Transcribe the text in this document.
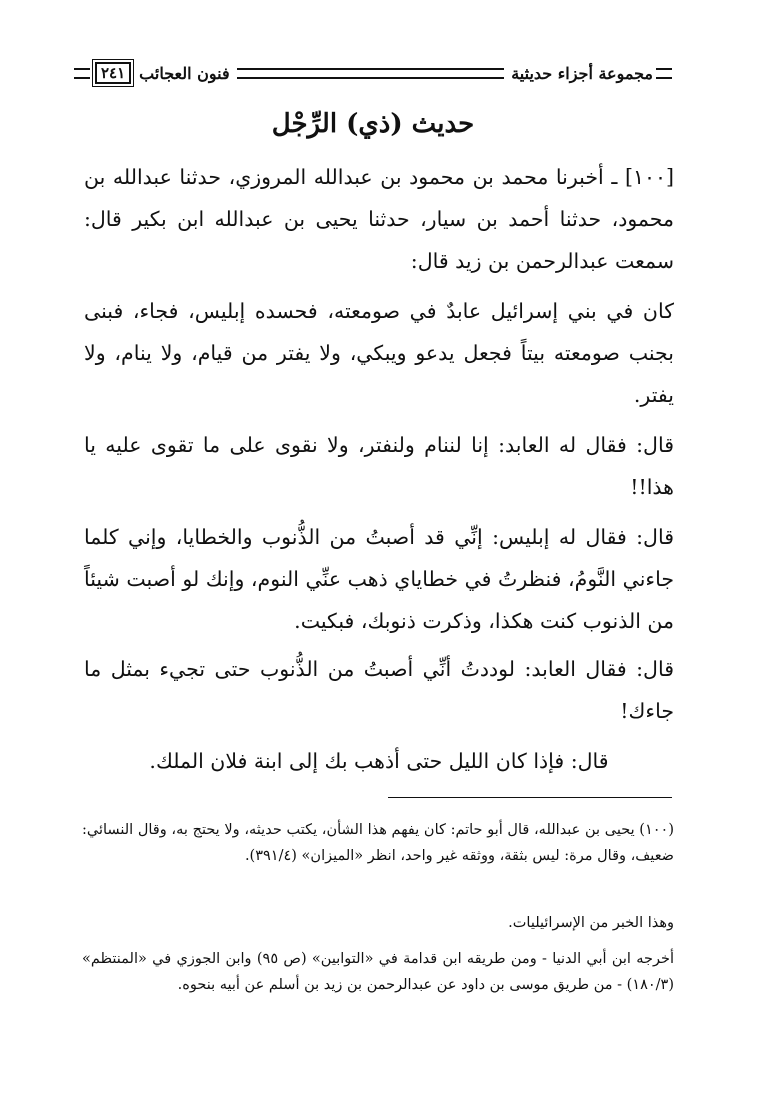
مجموعة أجزاء حديثية
فنون العجائب
٢٤١
حديث (ذي) الرِّجْل
[١٠٠] ـ أخبرنا محمد بن محمود بن عبدالله المروزي، حدثنا عبدالله بن محمود، حدثنا أحمد بن سيار، حدثنا يحيى بن عبدالله ابن بكير قال: سمعت عبدالرحمن بن زيد قال:
كان في بني إسرائيل عابدٌ في صومعته، فحسده إبليس، فجاء، فبنى بجنب صومعته بيتاً فجعل يدعو ويبكي، ولا يفتر من قيام، ولا ينام، ولا يفتر.
قال: فقال له العابد: إنا لننام ولنفتر، ولا نقوى على ما تقوى عليه يا هذا!!
قال: فقال له إبليس: إنِّي قد أصبتُ من الذُّنوب والخطايا، وإني كلما جاءني النَّومُ، فنظرتُ في خطاياي ذهب عنِّي النوم، وإنك لو أصبت شيئاً من الذنوب كنت هكذا، وذكرت ذنوبك، فبكيت.
قال: فقال العابد: لوددتُ أنِّي أصبتُ من الذُّنوب حتى تجيء بمثل ما جاءك!
قال: فإذا كان الليل حتى أذهب بك إلى ابنة فلان الملك.
(١٠٠) يحيى بن عبدالله، قال أبو حاتم: كان يفهم هذا الشأن، يكتب حديثه، ولا يحتج به، وقال النسائي: ضعيف، وقال مرة: ليس بثقة، ووثقه غير واحد، انظر «الميزان» (٣٩١/٤).
وهذا الخبر من الإسرائيليات.
أخرجه ابن أبي الدنيا - ومن طريقه ابن قدامة في «التوابين» (ص ٩٥) وابن الجوزي في «المنتظم» (١٨٠/٣) - من طريق موسى بن داود عن عبدالرحمن بن زيد بن أسلم عن أبيه بنحوه.
